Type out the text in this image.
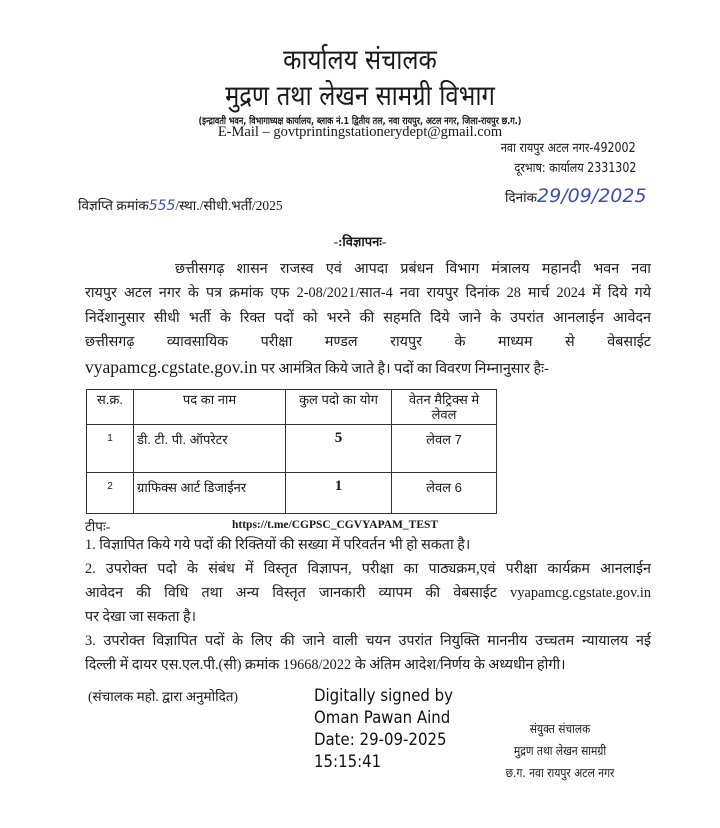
कार्यालय संचालक
मुद्रण तथा लेखन सामग्री विभाग
(इन्द्रावती भवन, विभागाध्यक्ष कार्यालय, ब्लाक नं.1 द्वितीय तल, नवा रायपुर, अटल नगर, जिला-रायपुर छ.ग.)
E-Mail – govtprintingstationerydept@gmail.com
नवा रायपुर अटल नगर-492002
दूरभाष: कार्यालय 2331302
विज्ञप्ति क्रमांक555/स्था./सीधी.भर्ती/2025
दिनांक29/09/2025
-:विज्ञापनः-
छत्तीसगढ़ शासन राजस्व एवं आपदा प्रबंधन विभाग मंत्रालय महानदी भवन नवा
रायपुर अटल नगर के पत्र क्रमांक एफ 2-08/2021/सात-4 नवा रायपुर दिनांक 28 मार्च 2024 में दिये गये
निर्देशानुसार सीधी भर्ती के रिक्त पदों को भरने की सहमति दिये जाने के उपरांत आनलाईन आवेदन
छत्तीसगढ़ व्यावसायिक परीक्षा मण्डल रायपुर के माध्यम से वेबसाईट
vyapamcg.cgstate.gov.in पर आमंत्रित किये जाते है। पदों का विवरण निम्नानुसार हैः-
स.क्र.	पद का नाम	कुल पदो का योग	वेतन मैट्रिक्स मे लेवल
1	डी. टी. पी. ऑपरेटर	5	लेवल 7
2	ग्राफिक्स आर्ट डिजाईनर	1	लेवल 6
टीपः-	https://t.me/CGPSC_CGVYAPAM_TEST
1. विज्ञापित किये गये पदों की रिक्तियों की सख्या में परिवर्तन भी हो सकता है।
2. उपरोक्त पदो के संबंध में विस्तृत विज्ञापन, परीक्षा का पाठ्यक्रम,एवं परीक्षा कार्यक्रम आनलाईन
आवेदन की विधि तथा अन्य विस्तृत जानकारी व्यापम की वेबसाईट vyapamcg.cgstate.gov.in
पर देखा जा सकता है।
3. उपरोक्त विज्ञापित पदों के लिए की जाने वाली चयन उपरांत नियुक्ति माननीय उच्चतम न्यायालय नई
दिल्ली में दायर एस.एल.पी.(सी) क्रमांक 19668/2022 के अंतिम आदेश/निर्णय के अध्यधीन होगी।
(संचालक महो. द्वारा अनुमोदित)	Digitally signed by
Oman Pawan Aind
Date: 29-09-2025
15:15:41
संयुक्त संचालक
मुद्रण तथा लेखन सामग्री
छ.ग. नवा रायपुर अटल नगर
